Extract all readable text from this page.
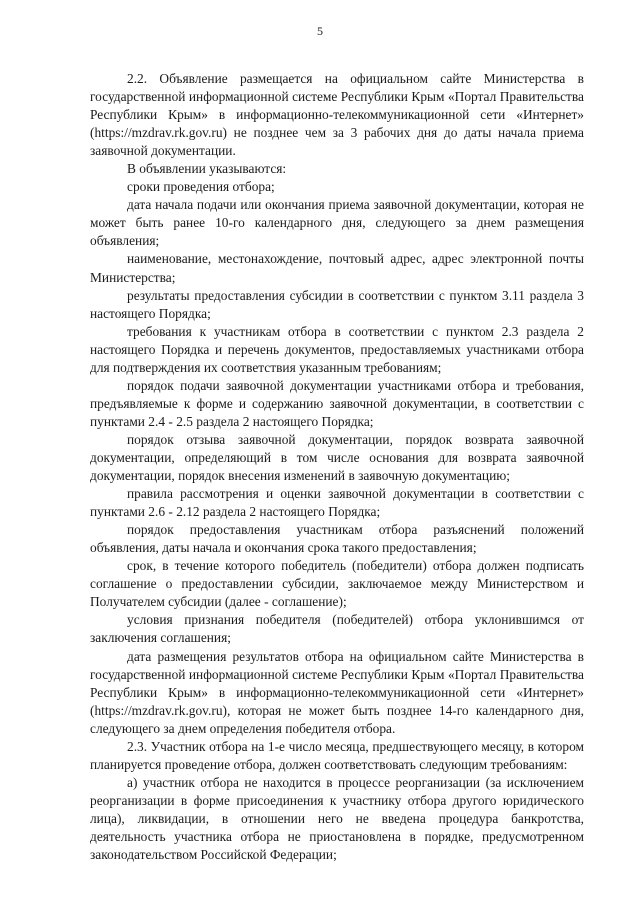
5

2.2. Объявление размещается на официальном сайте Министерства в государственной информационной системе Республики Крым «Портал Правительства Республики Крым» в информационно-телекоммуникационной сети «Интернет» (https://mzdrav.rk.gov.ru) не позднее чем за 3 рабочих дня до даты начала приема заявочной документации.

В объявлении указываются:

сроки проведения отбора;

дата начала подачи или окончания приема заявочной документации, которая не может быть ранее 10-го календарного дня, следующего за днем размещения объявления;

наименование, местонахождение, почтовый адрес, адрес электронной почты Министерства;

результаты предоставления субсидии в соответствии с пунктом 3.11 раздела 3 настоящего Порядка;

требования к участникам отбора в соответствии с пунктом 2.3 раздела 2 настоящего Порядка и перечень документов, предоставляемых участниками отбора для подтверждения их соответствия указанным требованиям;

порядок подачи заявочной документации участниками отбора и требования, предъявляемые к форме и содержанию заявочной документации, в соответствии с пунктами 2.4 - 2.5 раздела 2 настоящего Порядка;

порядок отзыва заявочной документации, порядок возврата заявочной документации, определяющий в том числе основания для возврата заявочной документации, порядок внесения изменений в заявочную документацию;

правила рассмотрения и оценки заявочной документации в соответствии с пунктами 2.6 - 2.12 раздела 2 настоящего Порядка;

порядок предоставления участникам отбора разъяснений положений объявления, даты начала и окончания срока такого предоставления;

срок, в течение которого победитель (победители) отбора должен подписать соглашение о предоставлении субсидии, заключаемое между Министерством и Получателем субсидии (далее - соглашение);

условия признания победителя (победителей) отбора уклонившимся от заключения соглашения;

дата размещения результатов отбора на официальном сайте Министерства в государственной информационной системе Республики Крым «Портал Правительства Республики Крым» в информационно-телекоммуникационной сети «Интернет» (https://mzdrav.rk.gov.ru), которая не может быть позднее 14-го календарного дня, следующего за днем определения победителя отбора.

2.3. Участник отбора на 1-е число месяца, предшествующего месяцу, в котором планируется проведение отбора, должен соответствовать следующим требованиям:

а) участник отбора не находится в процессе реорганизации (за исключением реорганизации в форме присоединения к участнику отбора другого юридического лица), ликвидации, в отношении него не введена процедура банкротства, деятельность участника отбора не приостановлена в порядке, предусмотренном законодательством Российской Федерации;
